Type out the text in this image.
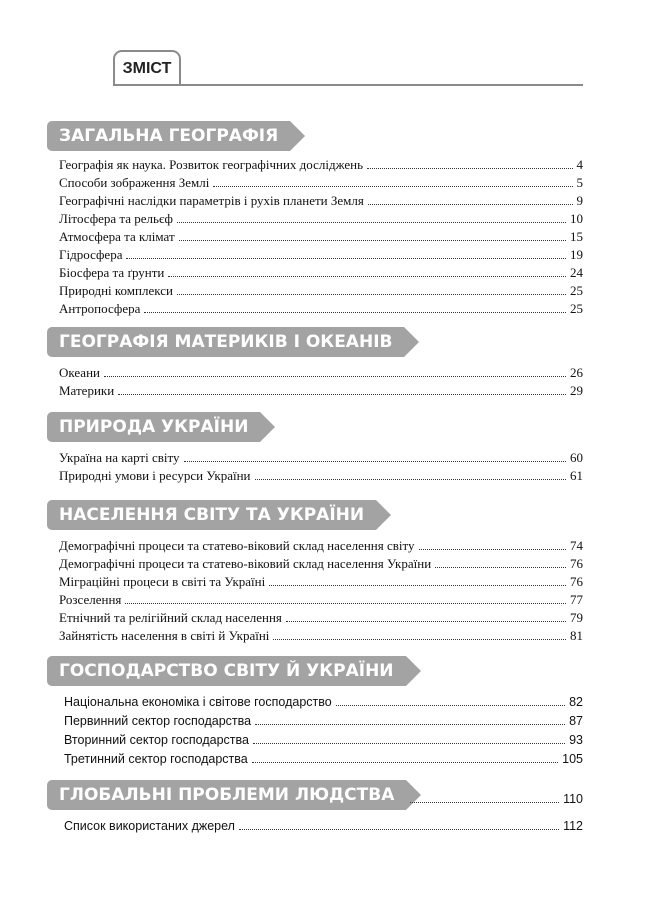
ЗМІСТ
ЗАГАЛЬНА ГЕОГРАФІЯ
Географія як наука. Розвиток географічних досліджень	4
Способи зображення Землі	5
Географічні наслідки параметрів і рухів планети Земля	9
Літосфера та рельєф	10
Атмосфера та клімат	15
Гідросфера	19
Біосфера та ґрунти	24
Природні комплекси	25
Антропосфера	25
ГЕОГРАФІЯ МАТЕРИКІВ І ОКЕАНІВ
Океани	26
Материки	29
ПРИРОДА УКРАЇНИ
Україна на карті світу	60
Природні умови і ресурси України	61
НАСЕЛЕННЯ СВІТУ ТА УКРАЇНИ
Демографічні процеси та статево-віковий склад населення світу	74
Демографічні процеси та статево-віковий склад населення України	76
Міграційні процеси в світі та Україні	76
Розселення	77
Етнічний та релігійний склад населення	79
Зайнятість населення в світі й Україні	81
ГОСПОДАРСТВО СВІТУ Й УКРАЇНИ
Національна економіка і світове господарство	82
Первинний сектор господарства	87
Вторинний сектор господарства	93
Третинний сектор господарства	105
ГЛОБАЛЬНІ ПРОБЛЕМИ ЛЮДСТВА	110
Список використаних джерел	112
